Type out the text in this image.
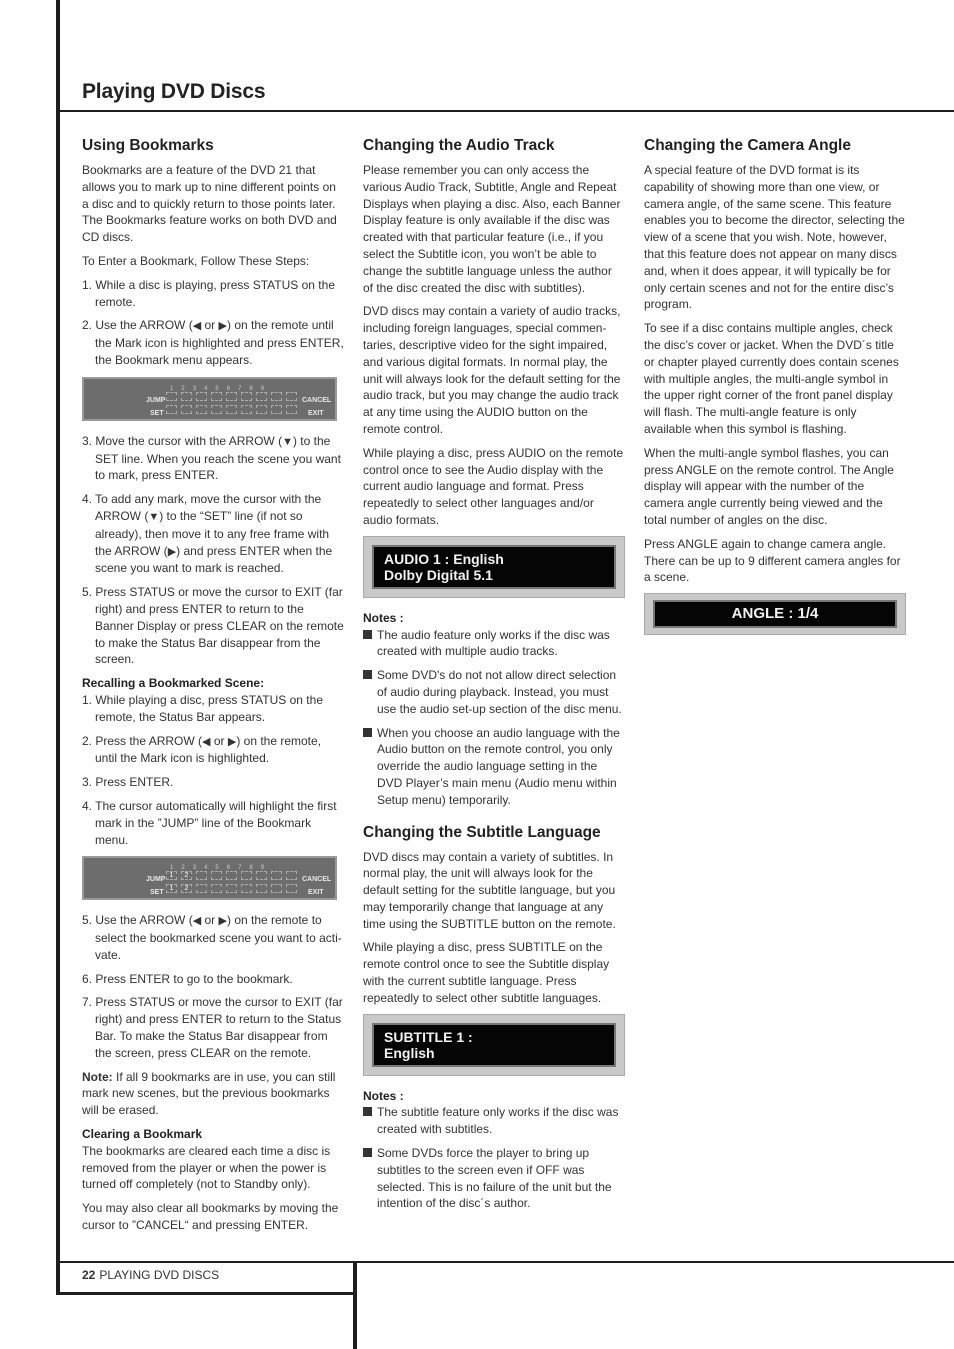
Playing DVD Discs
Using Bookmarks

Bookmarks are a feature of the DVD 21 that allows you to mark up to nine different points on a disc and to quickly return to those points later. The Bookmarks feature works on both DVD and CD discs.

To Enter a Bookmark, Follow These Steps:

1. While a disc is playing, press STATUS on the remote.
2. Use the ARROW (◀ or ▶) on the remote until the Mark icon is highlighted and press ENTER, the Bookmark menu appears.
1 2 3 4 5 6 7 8 9
JUMP
SET
CANCEL
EXIT
3. Move the cursor with the ARROW (▼) to the SET line. When you reach the scene you want to mark, press ENTER.
4. To add any mark, move the cursor with the ARROW (▼) to the “SET” line (if not so already), then move it to any free frame with the ARROW (▶) and press ENTER when the scene you want to mark is reached.
5. Press STATUS or move the cursor to EXIT (far right) and press ENTER to return to the Banner Display or press CLEAR on the remote to make the Status Bar disappear from the screen.
Recalling a Bookmarked Scene:
1. While playing a disc, press STATUS on the remote, the Status Bar appears.
2. Press the ARROW (◀ or ▶) on the remote, until the Mark icon is highlighted.
3. Press ENTER.
4. The cursor automatically will highlight the first mark in the ”JUMP” line of the Bookmark menu.
1 2 3 4 5 6 7 8 9
JUMP
SET
1	2
1	2
CANCEL
EXIT
5. Use the ARROW (◀ or ▶) on the remote to select the bookmarked scene you want to acti-vate.
6. Press ENTER to go to the bookmark.
7. Press STATUS or move the cursor to EXIT (far right) and press ENTER to return to the Status Bar. To make the Status Bar disappear from the screen, press CLEAR on the remote.

Note: If all 9 bookmarks are in use, you can still mark new scenes, but the previous bookmarks will be erased.

Clearing a Bookmark

The bookmarks are cleared each time a disc is removed from the player or when the power is turned off completely (not to Standby only).

You may also clear all bookmarks by moving the cursor to ”CANCEL“ and pressing ENTER.

Changing the Audio Track

Please remember you can only access the various Audio Track, Subtitle, Angle and Repeat Displays when playing a disc. Also, each Banner Display feature is only available if the disc was created with that particular feature (i.e., if you select the Subtitle icon, you won’t be able to change the subtitle language unless the author of the disc created the disc with subtitles).

DVD discs may contain a variety of audio tracks, including foreign languages, special commen-taries, descriptive video for the sight impaired, and various digital formats. In normal play, the unit will always look for the default setting for the audio track, but you may change the audio track at any time using the AUDIO button on the remote control.

While playing a disc, press AUDIO on the remote control once to see the Audio display with the current audio language and format. Press repeatedly to select other languages and/or audio formats.

AUDIO 1 : English
Dolby Digital 5.1
Notes :
The audio feature only works if the disc was created with multiple audio tracks.
Some DVD's do not not allow direct selection of audio during playback. Instead, you must use the audio set-up section of the disc menu.
When you choose an audio language with the Audio button on the remote control, you only override the audio language setting in the DVD Player’s main menu (Audio menu within Setup menu) temporarily.
Changing the Subtitle Language

DVD discs may contain a variety of subtitles. In normal play, the unit will always look for the default setting for the subtitle language, but you may temporarily change that language at any time using the SUBTITLE button on the remote.

While playing a disc, press SUBTITLE on the remote control once to see the Subtitle display with the current subtitle language. Press repeatedly to select other subtitle languages.

SUBTITLE 1 :
English
Notes :
The subtitle feature only works if the disc was created with subtitles.
Some DVDs force the player to bring up subtitles to the screen even if OFF was selected. This is no failure of the unit but the intention of the disc´s author.
Changing the Camera Angle

A special feature of the DVD format is its capability of showing more than one view, or camera angle, of the same scene. This feature enables you to become the director, selecting the view of a scene that you wish. Note, however, that this feature does not appear on many discs and, when it does appear, it will typically be for only certain scenes and not for the entire disc’s program.

To see if a disc contains multiple angles, check the disc’s cover or jacket. When the DVD´s title or chapter played currently does contain scenes with multiple angles, the multi-angle symbol in the upper right corner of the front panel display will flash. The multi-angle feature is only available when this symbol is flashing.

When the multi-angle symbol flashes, you can press ANGLE on the remote control. The Angle display will appear with the number of the camera angle currently being viewed and the total number of angles on the disc.

Press ANGLE again to change camera angle. There can be up to 9 different camera angles for a scene.

ANGLE : 1/4
22 PLAYING DVD DISCS
